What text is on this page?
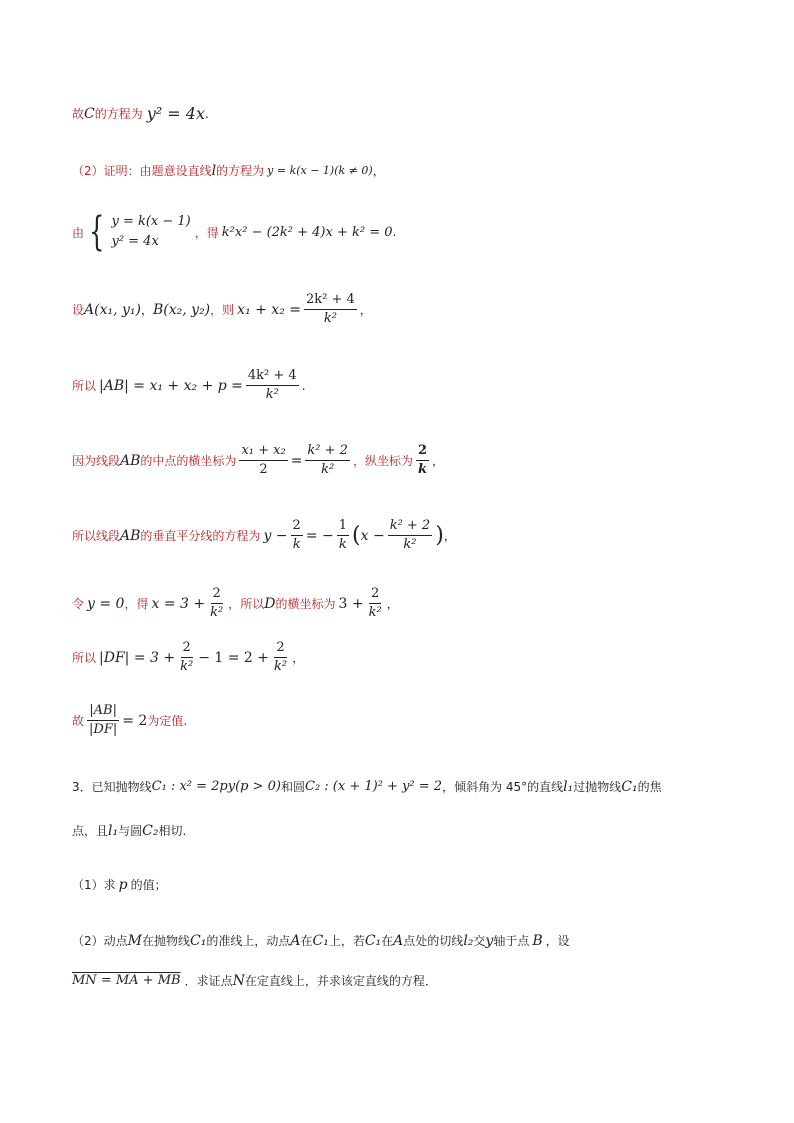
故 C 的方程为 y² = 4x .
（2）证明：由题意设直线 l 的方程为 y = k(x − 1)(k ≠ 0) ，
由 { y = k(x − 1)
y² = 4x
，得 k²x² − (2k² + 4)x + k² = 0 .
设 A(x₁, y₁) ， B(x₂, y₂) ，则 $x_1 + x_2 = \frac{\text{2k² + 4}}{\text{k²}}$ ，
所以 $|AB| = x_1 + x_2 + p = \frac{\text{4k² + 4}}{\text{k²}}$ .
因为线段 AB 的中点的横坐标为 $\frac{\text{x₁ + x₂}}{2} = \frac{\text{k² + 2}}{\text{k²}}$ ，纵坐标为 $\frac{2}{k}$ ，
所以线段 AB 的垂直平分线的方程为 $y - \frac{2}{k}$ = − $\frac{1}{k}$ ( $x - \frac{\text{k² + 2}}{\text{k²}}$ ) ，
令 y = 0 ，得 $x = 3 + \frac{2}{\text{k²}}$ ，所以 D 的横坐标为 $3 + \frac{2}{\text{k²}}$ ，
所以 $|DF| = 3 + \frac{2}{\text{k²}} - 1 = 2 + \frac{2}{\text{k²}}$ ，
故 $\frac{|AB|}{|DF|} = 2$ 为定值.
3．已知抛物线 C₁ : x² = 2py(p > 0) 和圆 C₂ : (x + 1)² + y² = 2 ，倾斜角为 45°的直线 l₁ 过抛物线 C₁ 的焦
点，且 l₁ 与圆 C₂ 相切.
（1）求 p 的值；
（2）动点 M 在抛物线 C₁ 的准线上，动点 A 在 C₁ 上，若 C₁ 在 A 点处的切线 l₂ 交 y 轴于点 B ，设
MN = MA + MB ．求证点 N 在定直线上，并求该定直线的方程．
